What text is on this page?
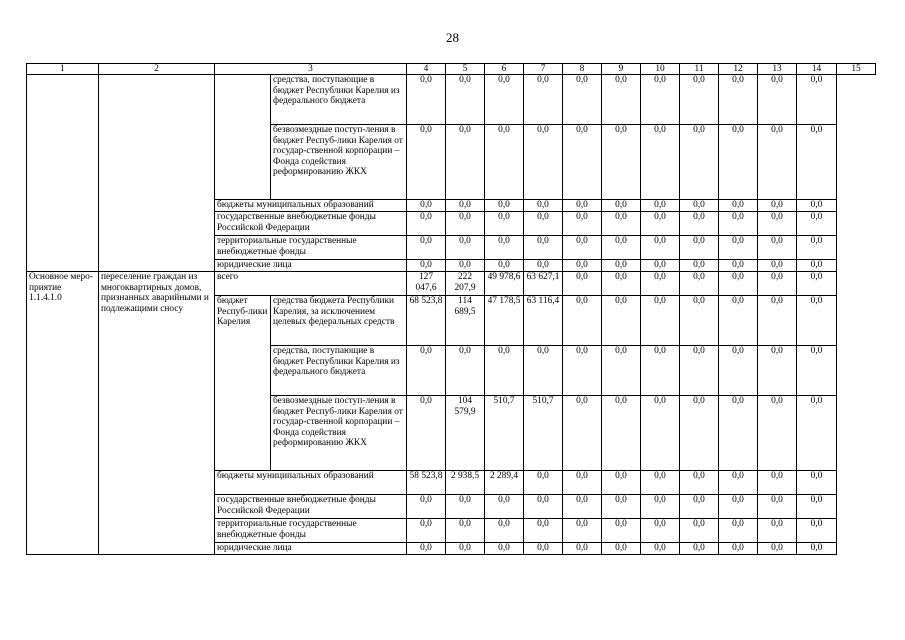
28
1	2	3		4	5	6	7	8	9	10	11	12	13	14	15
			средства, поступающие в бюджет Республики Карелия из федерального бюджета	0,0	0,0	0,0	0,0	0,0	0,0	0,0	0,0	0,0	0,0	0,0	
			безвозмездные поступ-ления в бюджет Респуб-лики Карелия от государ-ственной корпорации – Фонда содействия реформированию ЖКХ	0,0	0,0	0,0	0,0	0,0	0,0	0,0	0,0	0,0	0,0	0,0	
		бюджеты муниципальных образований		0,0	0,0	0,0	0,0	0,0	0,0	0,0	0,0	0,0	0,0	0,0	
		государственные внебюджетные фонды Российской Федерации		0,0	0,0	0,0	0,0	0,0	0,0	0,0	0,0	0,0	0,0	0,0	
		территориальные государственные внебюджетные фонды		0,0	0,0	0,0	0,0	0,0	0,0	0,0	0,0	0,0	0,0	0,0	
		юридические лица		0,0	0,0	0,0	0,0	0,0	0,0	0,0	0,0	0,0	0,0	0,0	
Основное меро-приятие 1.1.4.1.0	переселение граждан из многоквартирных домов, признанных аварийными и подлежащими сносу	всего		127 047,6	222 207,9	49 978,6	63 627,1	0,0	0,0	0,0	0,0	0,0	0,0	0,0	
		бюджет Респуб-лики Карелия	средства бюджета Республики Карелия, за исключением целевых федеральных средств	68 523,8	114 689,5	47 178,5	63 116,4	0,0	0,0	0,0	0,0	0,0	0,0	0,0	
			средства, поступающие в бюджет Республики Карелия из федерального бюджета	0,0	0,0	0,0	0,0	0,0	0,0	0,0	0,0	0,0	0,0	0,0	
			безвозмездные поступ-ления в бюджет Респуб-лики Карелия от государ-ственной корпорации – Фонда содействия реформированию ЖКХ	0,0	104 579,9	510,7	510,7	0,0	0,0	0,0	0,0	0,0	0,0	0,0	
		бюджеты муниципальных образований		58 523,8	2 938,5	2 289,4	0,0	0,0	0,0	0,0	0,0	0,0	0,0	0,0	
		государственные внебюджетные фонды Российской Федерации		0,0	0,0	0,0	0,0	0,0	0,0	0,0	0,0	0,0	0,0	0,0	
		территориальные государственные внебюджетные фонды		0,0	0,0	0,0	0,0	0,0	0,0	0,0	0,0	0,0	0,0	0,0	
		юридические лица		0,0	0,0	0,0	0,0	0,0	0,0	0,0	0,0	0,0	0,0	0,0	
